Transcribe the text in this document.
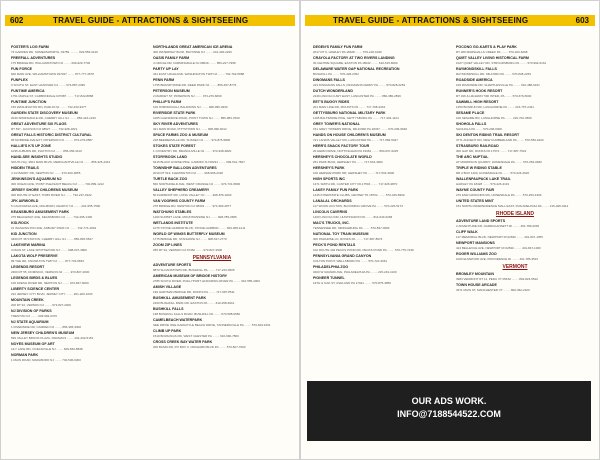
602	TRAVEL GUIDE - ATTRACTIONS & SIGHTSEEING
FOSTER'S LOG FARM
73 GARDEN RD, SOMERSWORTH, 03789 .......... 603-555-0126
FREEFALL ADVENTURES
175 BRIDGE RD, WILLIAMSTOWN NJ ........ 609-629-7700
FUN FORCE
600 MAIN AVE, WILLIAMSTOWN 037037 ........ 877-777-4578
FUNPLEX
3 SOUTH ST, EAST HANOVER NJ ........ 973-887-2399
FUNTIME AMERICA
1751 MAPLE ST, CARBONDALE 037087 ........ 717-822-8868
FUNTIME JUNCTION
150 WASHINGTON RD, PARLIN NJ ........ 732-432-9377
GARDEN STATE DISCOVERY MUSEUM
2040 SPRINGDALE RD, CHERRY HILL NJ ........ 856-424-1233
GREAT ADVENTURE SIX FLAGS
RT 537, JACKSON NJ 08527 ........ 732-928-1821
GREAT FALLS HISTORIC DISTRICT CULTURAL
65 MCBRIDE AVE EXT, PATERSON NJ .......... 973-279-9587
HALLIE'S K'S UP ZONE
1035 AUBURN RD, PHOTOS NJ ........ 856-456-3110
HAND-SEE INSIGHTS STUDIO
SOUTH SQ, 4601 MAIN BLVD, MERCHANTVILLE NJ ........ 856-325-4444
HIDDEN TRAILS
4 1/2 BARRY RD, NEWTON NJ ........ 973-300-9655
JENKINSON'S AQUARIUM NJ
300 OCEAN AVE, POINT PLEASANT BEACH NJ ........ 732-899-1212
JERSEY SHORE CHILDRENS MUSEUM
300 ROUTE 37 EAST, TOMS RIVER NJ ........ 732-237-3222
JFK AIRWORLD
5 CALIFORNIA AVE, MILLBURN, KEARNY NJ ........ 201-955-7500
KEANSBURG AMUSEMENT PARK
275 BEACHWAY AVE, KEANSBURG NJ ........ 732-495-1400
KID-ROCK
21 WASHINGTON AVE, ASBURY PARK NJ ........ 732-774-4994
KID JUNCTION
3400 RT 38 STATION, CHERRY HILL NJ ........ 856-845-5637
LAKEVIEW MARINA
4 MAIN ST, LAKE SPOTSWOOD NJ ........ 908-637-4800
LAKOTA WOLF PRESERVE
89 THE RD, KNOWLTON TWP NJ ........ 877-733-9653
LEGENDS RESORT
2300 RT 55, DOMINICK, VERNON NJ ........ 973-827-2000
LEGENDS BIRDS & BLUES
100 FRESH RIVER RD, NEWTON NJ ........ 973-827-6000
LIBERTY SCIENCE CENTER
222 JERSEY CITY BLVD, JERSEY CITY ........ 201-200-1000
MOUNTAIN CREEK
200 RT 94, VERNON NJ ........ 973-827-2000
NJ DIVISION OF PARKS
TRENTON NJ ........ 609-984-0370
NJ STATE AQUARIUM
1 RIVERSIDE DR, CAMDEN NJ ........ 856-365-3300
NEW JERSEY CHILDREN'S MUSEUM
599 VALLEY BROOK PLAZA, PARAMUS ........ 201-262-5151
NOYES MUSEUM OF ART
LILY LAKE RD, OCEANVILLE NJ ........ 609-652-8848
NORMAN PARK
1 MAIN ROAD, MARLBORO NJ ........ 732-536-9300
NORTHLANDS GREAT AMERICAN ICE ARENA
400 WATERWAY BLVD, BAYONNE NJ ........ 201-436-2200
OASIS FAMILY FARM
4 CIRCLE DR, FARMINGDALE NJ 08049 ........ 856-227-7998
PARTY UP LAY
431 EAST HIGHLAND, WASHINGTON TWP NJ ........ 732-792-5088
PENN FARM
1755 BRANDYWINE RD, DEER PARK NJ ........ 856-497-8776
PETERSON MUSEUM
2 MARKET ST, PATERSON NJ ........ 973-279-6669
PHILLIP'S FARM
100 OXBOROUGH, BALDWINS NJ ........ 908-995-0300
RIVERSIDE STATE PARK
1005 GLENDRIVE ROAD, POINT TOWN NJ ........ 856-983-7600
SKY RIVER ADVENTURES
321 MAIN ROAD, PITTSTOWN NJ ........ 908-996-6012
SPACE FARMS ZOO & MUSEUM
218 BEEMERVILLE RD, SUSSEX NJ ........ 973-875-5800
STOKES STATE FOREST
1 COVENTRY RD, BRANCHVILLE NJ ........ 973-948-3820
STORYBOOK LAND
6415 BLACK HORSE PIKE, CARDIFF NJ 08234 ........ 609-641-7847
TOWNSHIP BALLOON ADVENTURES
2019 RT 519, FLEMINGTON NJ ........ 908-996-2320
TURTLE BACK ZOO
560 NORTHFIELD AVE, WEST ORANGE NJ ........ 973-731-5800
VALLEY SHEPHERD CREAMERY
50 FAIRMONT RD, LONG VALLEY NJ ........ 908-876-3200
VAN VOORHIS COUNTY FARM
278 BRIDGE RD, NEWTON NJ 08303 ........ 973-383-2877
WATCHUNG STABLES
1160 SUMMIT LANE, MOUNTAINSIDE NJ ........ 908-789-3665
WETLANDS INSTITUTE
1075 STONE HARBOR BLVD, STONE HARBOR ........ 609-368-1211
WORLD OF WINGS BUTTERFLY MUSEUM
1775 BRIDGE RD, STANHOPE NJ ........ 908-617-2770
ZOOM ZIP LINES
255 RT 94, VERNON NJ 07462 ........ 973-827-3900
PENNSYLVANIA
ADVENTURE SPORTS
9870 SLOANSTOWN RD, BUSHKILL PA ........ 717-223-0505
AMERICAN MUSEUM OF BRIDGE HISTORY
2785 SOUTH RIVER, PHILLYPORT, ENDURING RIVER PA ........ 610-555-2000
AMISH VILLAGE
199 HARTMAN BRIDGE RD, RONKS PA ........ 717-687-8511
BUSHKILL AMUSEMENT PARK
2100 BUSHKILL PARK DR, EASTON PA ........ 610-258-6941
BUSHKILL FALLS
138 BUSHKILL FALLS ROAD, BUSHKILL PA ........ 570-588-6682
CAMELBEACH WATERPARK
SEE DRIVE ONE GARGOYLE BEACH DRIVE, TANNERSVILLE PA ........ 570-629-1661
CLIMB UP PARK
1519 BOWLINGS RD, WEST CHESTER PA ........ 610-696-7800
CROSS CREEK BAY WATER PARK
200 BASIN RD, PO BOX 0, ORCHARD BLVD PA ........ 570-827-7900
TRAVEL GUIDE - ATTRACTIONS & SIGHTSEEING	603
DEGEN'S FAMILY FUN FARM
2017 RT 6, HAWLEY PA 18428 ........ 570-226-6346
CRAYOLA FACTORY AT TWO RIVERS LANDING
30 CENTRE SQUARE, EASTON PA 18042 ........ 610-515-8000
DELAWARE WATER GAP NATIONAL RECREATION
BUSHKILL PA ........ 570-426-2452
DINGMANS FALLS
223 DINGMANS FALLS, DINGMANS FERRY PA ........ 570-828-2253
DUTCH WONDERLAND
2249 LINCOLN HWY EAST, LANCASTER PA ........ 866-386-2839
EET'S BUGGY RIDES
201 MAIN LINE RD, MOUNTS PA ........ 717-768-3334
GETTYSBURG NATIONAL MILITARY PARK
1195 BALTIMORE PIKE, GETTYSBURG PA ........ 717-334-1124
GREY TOWER'S NATIONAL
151 GREY TOWERS DRIVE, MILFORD PA 18337 ........ 570-296-9630
HANDS ON HOUSE CHILDREN'S MUSEUM
721 LANDIS VALLEY RD, LANCASTER PA ........ 717-569-5437
HERR'S SNACK FACTORY TOUR
20 HERR DRIVE, NOTTINGHAM PA 19362 ........ 800-637-6225
HERSHEY'S CHOCOLATE WORLD
251 PARK BLVD, HERSHEY PA ........ 717-534-4900
HERSHEY'S PARK
100 HERSHEYPARK DR, HERSHEY PA ........ 717-534-3900
HIGH SPORTS INC
1471 SMITH RD, CANTER CITY PA 17504 ........ 717-626-9870
LAKEY FAMILY FUN PARK
1445 INTERSTATE CLUBS, CENTER TN 18702 ........ 570-445-8300
LANALAL ORCHARDS
117 WOOD ACCTWS, BLOOMING GROVE PA ........ 570-226-5173
LINCOLN CAVERNS
1400 LINCOLN DR, HUNTINGDON PA ........ 814-643-0268
MAC'S TRUCKS, INC.
TENNESSEE RD, MIDDLEBURG PA ........ 570-837-0083
NATIONAL TOY TRAIN MUSEUM
300 PARADISE LN, RONKS PA ........ 717-687-8976
PECK'S POND RENTALS
102 ROUTE 402 PECKS POND RD, PECKS POND PA ........ 570-775-7239
PENNSYLVANIA GRAND CANYON
COLTON POINT, WELLSBORO PA ........ 570-724-3061
PHILADELPHIA ZOO
3400 W GIRARD AVE, PHILADELPHIA PA ........ 215-243-1100
PIONEER TUNNEL
19TH & OAK ST, ASHLAND PA 17921 ........ 570-875-3850
POCONO GO-KARTS & PLAY PARK
RT 209 MARSHALLS CREEK PA ........ 570-223-6298
QUIET VALLEY LIVING HISTORICAL FARM
1027 QUIET VALLEY RD, STROUDSBURG PA ........ 570-992-6161
RAYMONDSKILL FALLS
RAYMONDSKILL RD, MILFORD PA ........ 570-828-2253
ROADSIDE AMERICA
109 ROADSIDE DR, SHARTLESVILLE PA ........ 610-488-6241
RUNNER'S HOOK RESORT
RT 196 & HIGHWAY 590 INTER, PA ........ 570-676-5000
SAWMILL HIGH RESORT
1250 BOGRUN RD, LANGHORNE PA ........ 215-757-2441
SESAME PLACE
100 SESAME RD, LANGHORNE PA ........ 215-702-3566
SHOHOLA FALLS
SHOHOLA PA ........ 570-296-6000
SKI DENTON RIDING TRAIL RESORT
3771 ANCIENT RD, NEW CUMBERLAND PA ........ 570-559-9220
STRASBURG RAILROAD
300 GAP RD, RONKS PA 17572 ........ 717-687-7522
THE ARC NUPTIAL
AT MORRISON QUARRY, HONESDALE PA ........ 570-253-0480
TRIPLE W RIDING STABLE
RR 2 BOX 1400, HONESDALE PA ........ 570-226-2620
WALLENPAUPACK LAKE TRAIL
HAWLEY PA 18428 ........ 570-226-3191
WAYNE COUNTY FAIR
270 FAIR GROUNDS RD, HONESDALE PA ........ 570-253-4306
UNITED STATES MINT
151 NORTH INDEPENDENCE MALL EAST, PHILADELPHIA PA ........ 215-408-0114
RHODE ISLAND
ADVENTURE LAND SPORTS
2 ADVENTURE DR, NARRAGANSETT RI ........ 401-789-0030
CLIFF WALK
117 MEMORIAL BLVD, NEWPORT RI 02840 ........ 401-847-1355
NEWPORT MANSIONS
424 BELLEVUE AVE, NEWPORT RI 02840 ........ 401-847-1000
ROGER WILLIAMS ZOO
1000 ELMWOOD AVE, PROVIDENCE RI ........ 401-785-3510
VERMONT
BROMLEY MOUNTAIN
3984 VERMONT RT 11, PERU VT 05152 ........ 802-824-5522
TOWN HOUSE ARCADE
3371 MAIN ST, MANCHESTER VT ........ 802-362-2100
OUR ADS WORK.
INFO@7188544522.COM
